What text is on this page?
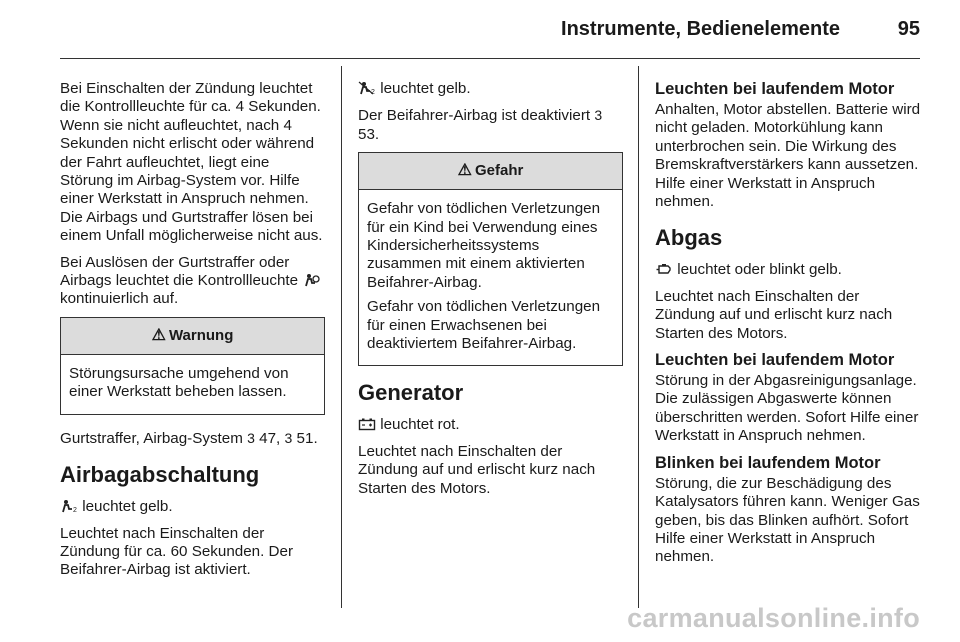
Instrumente, Bedienelemente	95

Bei Einschalten der Zündung leuchtet die Kontrollleuchte für ca. 4 Sekunden. Wenn sie nicht aufleuchtet, nach 4 Sekunden nicht erlischt oder während der Fahrt aufleuchtet, liegt eine Störung im Airbag-System vor. Hilfe einer Werkstatt in Anspruch nehmen. Die Airbags und Gurtstraffer lösen bei einem Unfall möglicherweise nicht aus.

Bei Auslösen der Gurtstraffer oder Airbags leuchtet die Kontrollleuchte
kontinuierlich auf.

⚠ Warnung

Störungsursache umgehend von einer Werkstatt beheben lassen.

Gurtstraffer, Airbag-System 3 47, 3 51.

Airbagabschaltung

2 leuchtet gelb.

Leuchtet nach Einschalten der Zündung für ca. 60 Sekunden. Der Beifahrer-Airbag ist aktiviert.

2 leuchtet gelb.

Der Beifahrer-Airbag ist deaktiviert 3 53.

⚠ Gefahr

Gefahr von tödlichen Verletzungen für ein Kind bei Verwendung eines Kindersicherheitssystems zusammen mit einem aktivierten Beifahrer-Airbag.

Gefahr von tödlichen Verletzungen für einen Erwachsenen bei deaktiviertem Beifahrer-Airbag.

Generator

leuchtet rot.

Leuchtet nach Einschalten der Zündung auf und erlischt kurz nach Starten des Motors.

Leuchten bei laufendem Motor

Anhalten, Motor abstellen. Batterie wird nicht geladen. Motorkühlung kann unterbrochen sein. Die Wirkung des Bremskraftverstärkers kann aussetzen. Hilfe einer Werkstatt in Anspruch nehmen.

Abgas

leuchtet oder blinkt gelb.

Leuchtet nach Einschalten der Zündung auf und erlischt kurz nach Starten des Motors.

Leuchten bei laufendem Motor

Störung in der Abgasreinigungsanlage. Die zulässigen Abgaswerte können überschritten werden. Sofort Hilfe einer Werkstatt in Anspruch nehmen.

Blinken bei laufendem Motor

Störung, die zur Beschädigung des Katalysators führen kann. Weniger Gas geben, bis das Blinken aufhört. Sofort Hilfe einer Werkstatt in Anspruch nehmen.

carmanualsonline.info
